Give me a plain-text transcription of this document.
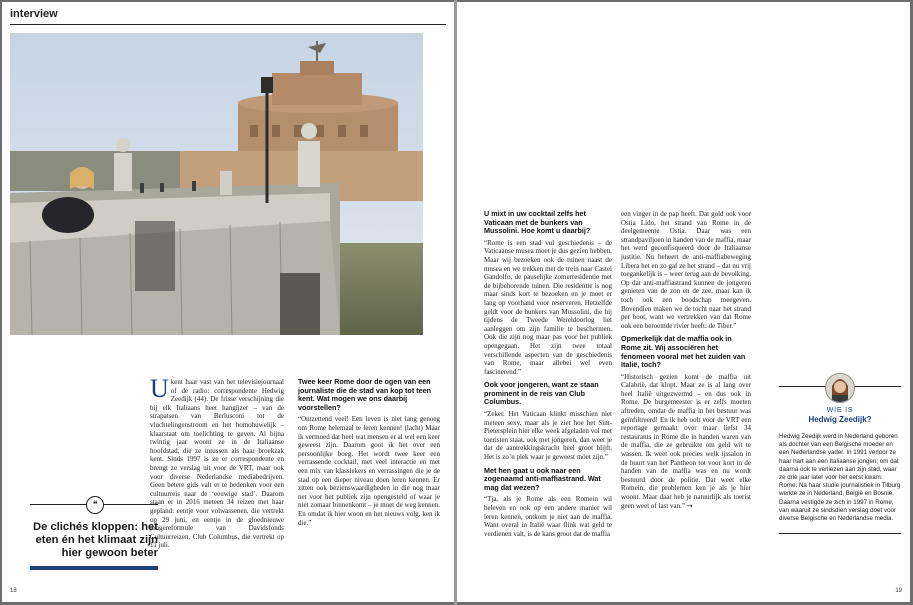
interview
U kent haar vast van het televisiejournaal of de radio: correspondente Hedwig Zeedijk (44). De frisse verschijning die bij elk Italiaans heet hangijzer – van de strapatsen van Berlusconi tot de vluchtelingenstroom en het homohuwelijk – klaarstaat om toelichting te geven. Al bijna twintig jaar woont ze in de Italiaanse hoofdstad, die ze intussen als haar broekzak kent. Sinds 1997 is ze er correspondente en brengt ze verslag uit voor de VRT, maar ook voor diverse Nederlandse mediabedrijven. Geen betere gids valt er te bedenken voor een cultuurreis naar de ‘eeuwige stad’. Daarom staan er in 2016 meteen 34 reizen met haar gepland: eentje voor volwassenen, die vertrekt op 29 juni, en eentje in de gloednieuwe jongereformule van Davidsfonds Cultuurreizen, Club Columbus, die vertrekt op 11 juli.
❝
De clichés kloppen: het eten én het klimaat zijn hier gewoon beter

Twee keer Rome door de ogen van een journaliste die de stad van kop tot teen kent. Wat mogen we ons daarbij voorstellen?

“Ontzettend veel! Een leven is niet lang genoeg om Rome helemaal te leren kennen! (lacht) Maar ik vermoed dat heel wat mensen er al wel een keer geweest zijn. Daarom goot ik het over een persoonlijke boeg. Het wordt twee keer een verrassende cocktail, met veel interactie en met een mix van klassiekers en verrassingen die je de stad op een dieper niveau doen leren kennen. Er zitten ook bezienswaardigheden in die nog maar net voor het publiek zijn opengesteld of waar je niet zomaar binnenkomt – je moet de weg kennen. En omdat ik hier woon en het nieuws volg, ken ik die.”

18

U mixt in uw cocktail zelfs het Vaticaan met de bunkers van Mussolini. Hoe komt u daarbij?

“Rome is een stad vol geschiedenis – de Vaticaanse musea moet je dus gezien hebben. Maar wij bezoeken ook de tuinen naast de musea en we trekken met de trein naar Castel Gandolfo, de pauselijke zomerresidentie met de bijbehorende tuinen. Die residentie is nog maar sinds kort te bezoeken en je moet er lang op voorhand voor reserveren. Hetzelfde geldt voor de bunkers van Mussolini, die hij tijdens de Tweede Wereldoorlog liet aanleggen om zijn familie te beschermen. Ook die zijn nog maar pas voor het publiek opengegaan. Het zijn twee totaal verschillende aspecten van de geschiedenis van Rome, maar allebei wel even fascinerend.”

Ook voor jongeren, want ze staan prominent in de reis van Club Columbus.

“Zeker. Het Vaticaan klinkt misschien niet meteen sexy, maar als je ziet hoe het Sint-Pietersplein hier elke week afgeladen vol met toeristen staat, ook met jongeren, dan weet je dat de aantrekkingskracht heel groot blijft. Het is zo’n plek waar je geweest móet zijn.”

Met hen gaat u ook naar een zogenaamd anti-maffiastrand. Wat mag dat wezen?

“Tja, als je Rome als een Romein wil beleven en ook op een andere manier wil leren kennen, ontkom je niet aan de maffia. Want overal in Italië waar flink wat geld te verdienen valt, is de kans groot dat de maffia

een vinger in de pap heeft. Dat gold ook voor Ostia Lido, het strand van Rome in de deelgemeente Ostia. Daar was een strandpaviljoen in handen van de maffia, maar het werd geconfisqueerd door de Italiaanse justitie. Nu beheert de anti-maffiabeweging Libera het en zo gaf ze het strand – dat nu vrij toegankelijk is – weer terug aan de bevolking. Op dat anti-maffiastrand kunnen de jongeren genieten van de zon en de zee, maar kan ik toch ook een boodschap meegeven. Bovendien maken we de tocht naar het strand per boot, want we vertrekken van dat Rome ook een beroemde rivier heeft: de Tiber.”

Opmerkelijk dat de maffia ook in Rome zit. Wij associëren het fenomeen vooral met het zuiden van Italië, toch?

“Historisch gezien komt de maffia uit Calabrië, dat klopt. Maar ze is al lang over heel Italië uitgezwermd – en dus ook in Rome. De burgemeester is er zelfs moeten aftreden, omdat de maffia in het bestuur was geïnfiltreerd! En ik heb oolt voor de VRT een reportage gemaakt over maar liefst 34 restaurants in Rome die in handen waren van de maffia, die ze gebruikte om geld wit te wassen. Ik weet ook precies welk ijssalon in de buurt van het Pantheon tot voor kort in de handen van de maffia was en nu wordt bestuurd door de politie. Dat weet elke Romein, die problemen ken je als je hier woont. Maar daar heb je natuurlijk als toerist geen weet of last van.” →

WIE IS
Hedwig Zeedijk?
Hedwig Zeedijk werd in Nederland geboren als dochter van een Belgische moeder en een Nederlandse vader. In 1991 verloor ze haar hart aan een Italiaanse jongen; om dat daarna ook te verliezen aan zijn stad, waar ze drie jaar later voor het eerst kwam: Rome. Na haar studie journalistiek in Tilburg werkte ze in Nederland, België en Bosnië. Daarna vestigde ze zich in 1997 in Rome, van waaruit ze sindsdien verslag doet voor diverse Belgische en Nederlandse media.
19
